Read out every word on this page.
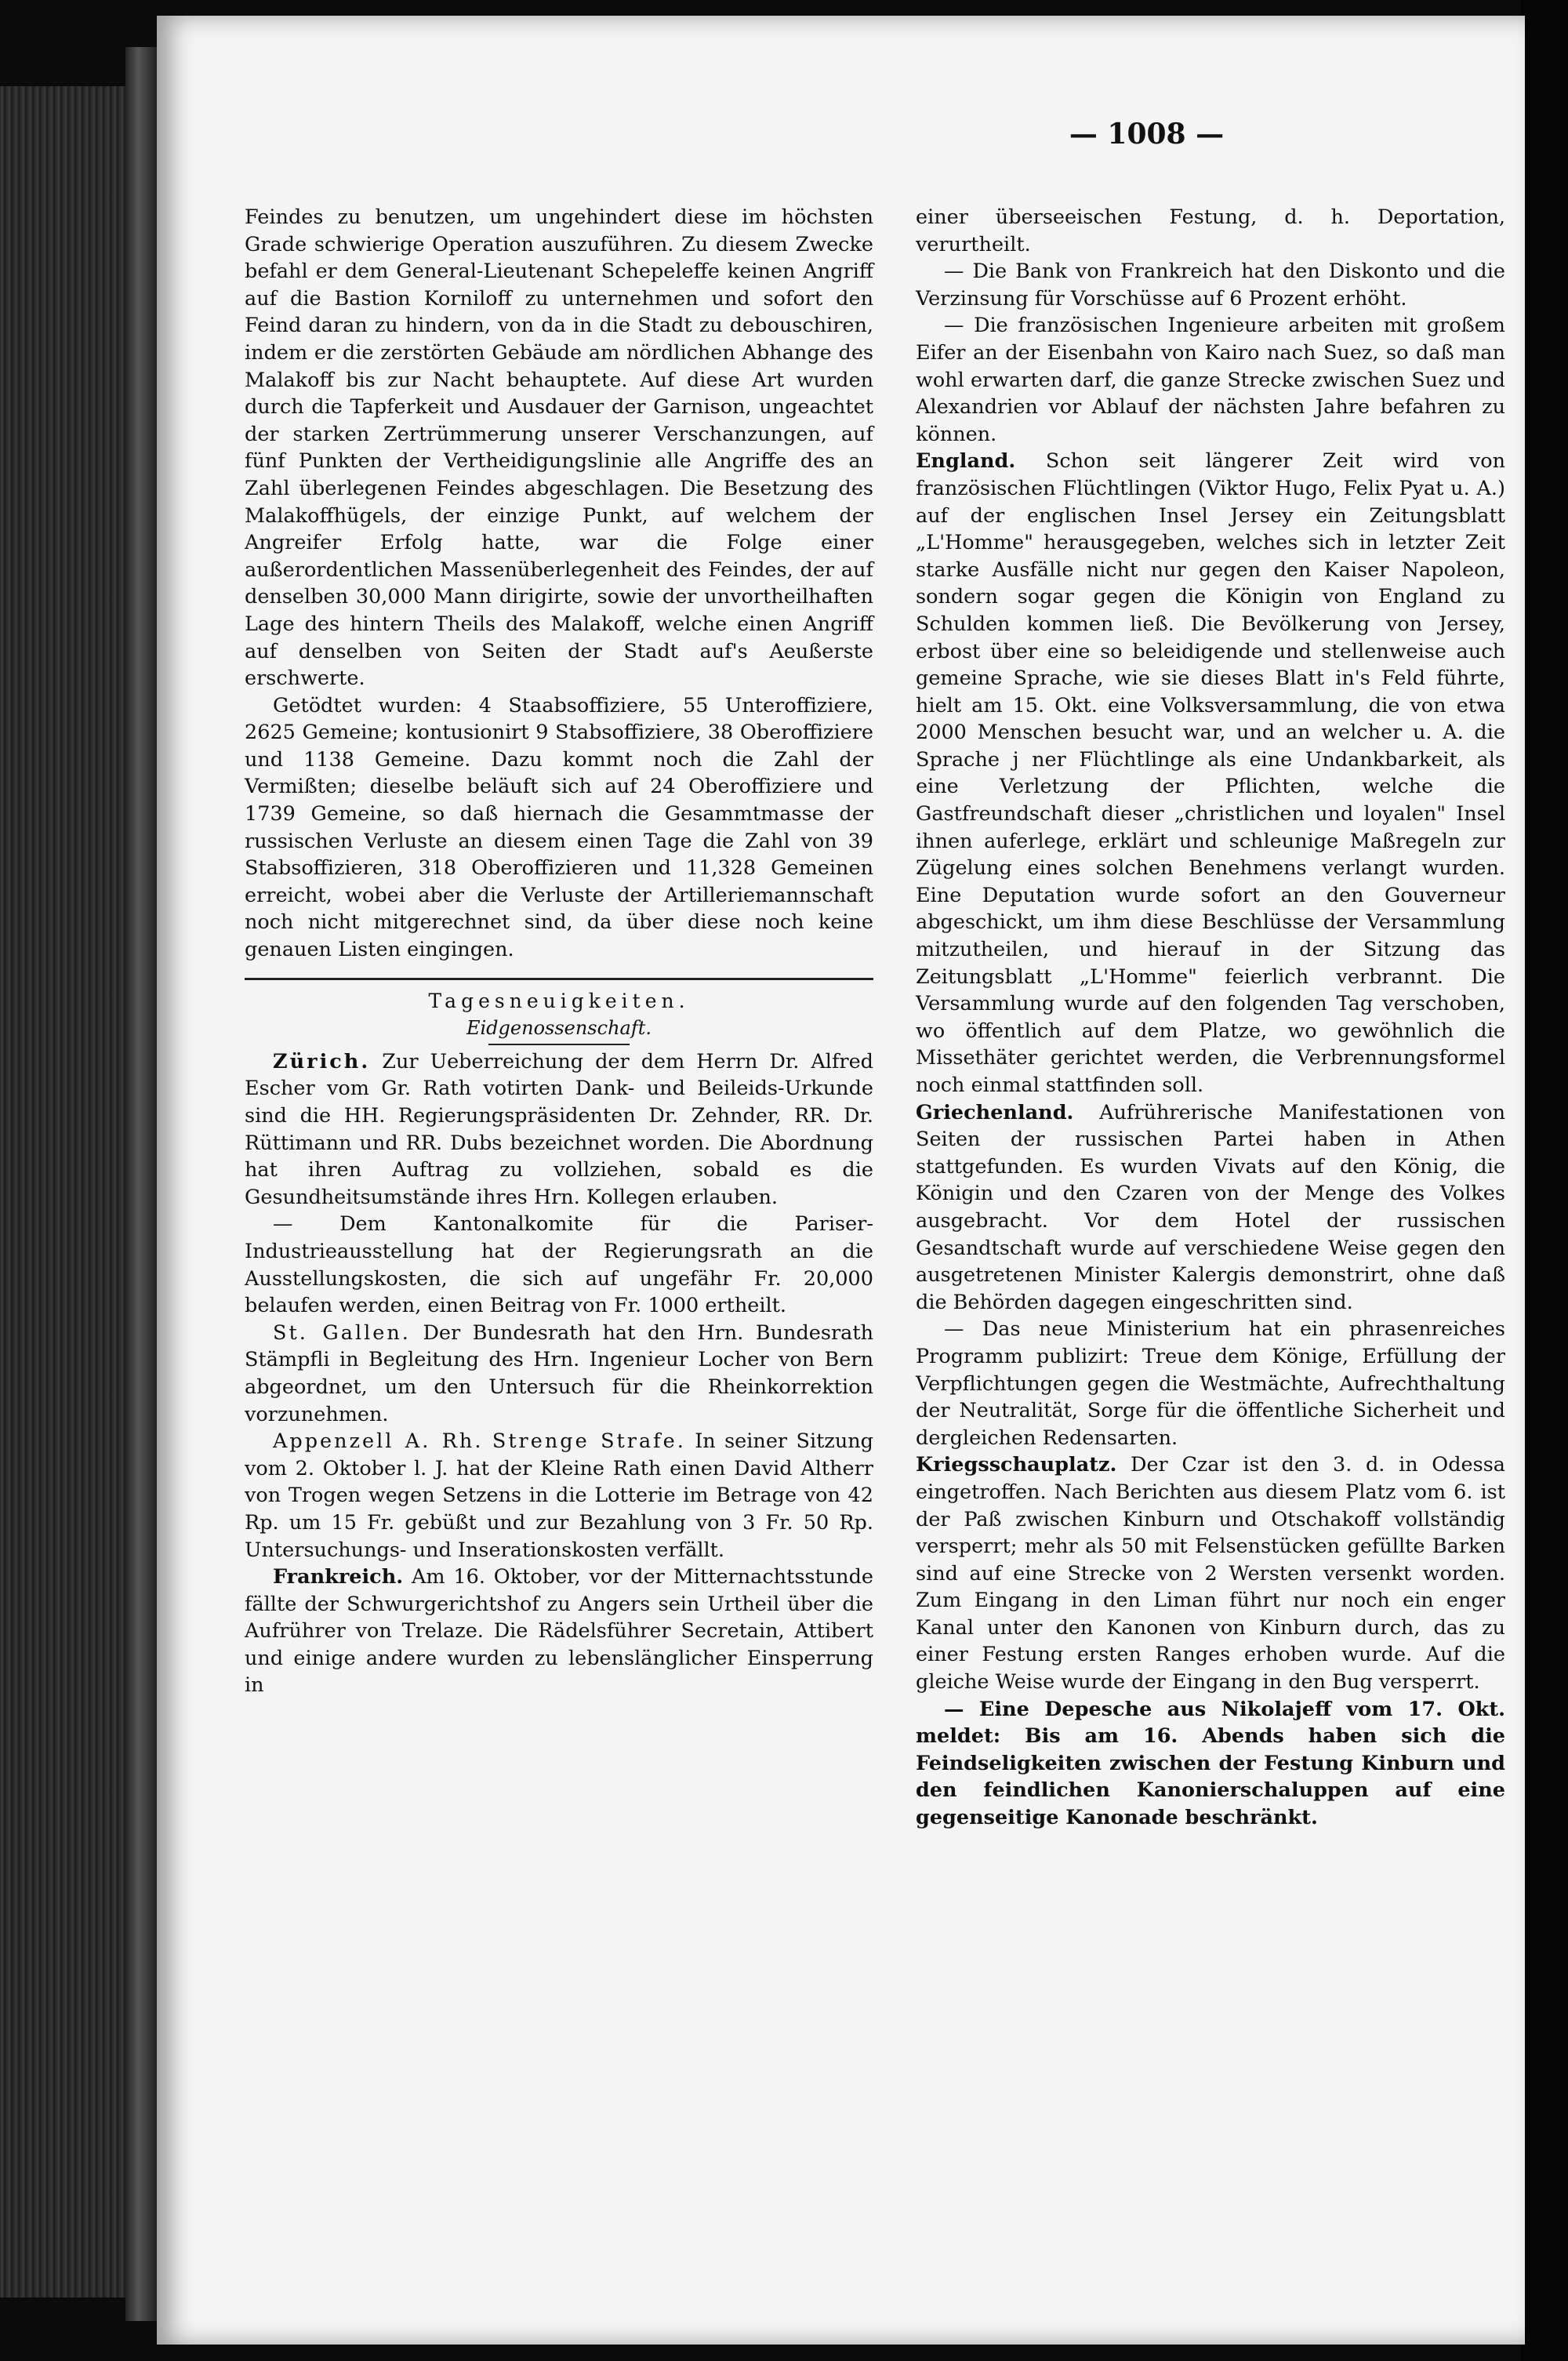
— 1008 —

Feindes zu benutzen, um ungehindert diese im höchsten Grade schwierige Operation auszuführen. Zu diesem Zwecke befahl er dem General-Lieutenant Schepeleffe keinen Angriff auf die Bastion Korniloff zu unternehmen und sofort den Feind daran zu hindern, von da in die Stadt zu debouschiren, indem er die zerstörten Gebäude am nördlichen Abhange des Malakoff bis zur Nacht behauptete. Auf diese Art wurden durch die Tapferkeit und Ausdauer der Garnison, ungeachtet der starken Zertrümmerung unserer Verschanzungen, auf fünf Punkten der Vertheidigungslinie alle Angriffe des an Zahl überlegenen Feindes abgeschlagen. Die Besetzung des Malakoffhügels, der einzige Punkt, auf welchem der Angreifer Erfolg hatte, war die Folge einer außerordentlichen Massenüberlegenheit des Feindes, der auf denselben 30,000 Mann dirigirte, sowie der unvortheilhaften Lage des hintern Theils des Malakoff, welche einen Angriff auf denselben von Seiten der Stadt auf's Aeußerste erschwerte.

Getödtet wurden: 4 Staabsoffiziere, 55 Unteroffiziere, 2625 Gemeine; kontusionirt 9 Stabsoffiziere, 38 Oberoffiziere und 1138 Gemeine. Dazu kommt noch die Zahl der Vermißten; dieselbe beläuft sich auf 24 Oberoffiziere und 1739 Gemeine, so daß hiernach die Gesammtmasse der russischen Verluste an diesem einen Tage die Zahl von 39 Stabsoffizieren, 318 Oberoffizieren und 11,328 Gemeinen erreicht, wobei aber die Verluste der Artilleriemannschaft noch nicht mitgerechnet sind, da über diese noch keine genauen Listen eingingen.

Tagesneuigkeiten.
Eidgenossenschaft.

Zürich. Zur Ueberreichung der dem Herrn Dr. Alfred Escher vom Gr. Rath votirten Dank- und Beileids-Urkunde sind die HH. Regierungspräsidenten Dr. Zehnder, RR. Dr. Rüttimann und RR. Dubs bezeichnet worden. Die Abordnung hat ihren Auftrag zu vollziehen, sobald es die Gesundheitsumstände ihres Hrn. Kollegen erlauben.

— Dem Kantonalkomite für die Pariser-Industrieausstellung hat der Regierungsrath an die Ausstellungskosten, die sich auf ungefähr Fr. 20,000 belaufen werden, einen Beitrag von Fr. 1000 ertheilt.

St. Gallen. Der Bundesrath hat den Hrn. Bundesrath Stämpfli in Begleitung des Hrn. Ingenieur Locher von Bern abgeordnet, um den Untersuch für die Rheinkorrektion vorzunehmen.

Appenzell A. Rh. Strenge Strafe. In seiner Sitzung vom 2. Oktober l. J. hat der Kleine Rath einen David Altherr von Trogen wegen Setzens in die Lotterie im Betrage von 42 Rp. um 15 Fr. gebüßt und zur Bezahlung von 3 Fr. 50 Rp. Untersuchungs- und Inserationskosten verfällt.

Frankreich. Am 16. Oktober, vor der Mitternachtsstunde fällte der Schwurgerichtshof zu Angers sein Urtheil über die Aufrührer von Trelaze. Die Rädelsführer Secretain, Attibert und einige andere wurden zu lebenslänglicher Einsperrung in

einer überseeischen Festung, d. h. Deportation, verurtheilt.

— Die Bank von Frankreich hat den Diskonto und die Verzinsung für Vorschüsse auf 6 Prozent erhöht.

— Die französischen Ingenieure arbeiten mit großem Eifer an der Eisenbahn von Kairo nach Suez, so daß man wohl erwarten darf, die ganze Strecke zwischen Suez und Alexandrien vor Ablauf der nächsten Jahre befahren zu können.

England. Schon seit längerer Zeit wird von französischen Flüchtlingen (Viktor Hugo, Felix Pyat u. A.) auf der englischen Insel Jersey ein Zeitungsblatt „L'Homme" herausgegeben, welches sich in letzter Zeit starke Ausfälle nicht nur gegen den Kaiser Napoleon, sondern sogar gegen die Königin von England zu Schulden kommen ließ. Die Bevölkerung von Jersey, erbost über eine so beleidigende und stellenweise auch gemeine Sprache, wie sie dieses Blatt in's Feld führte, hielt am 15. Okt. eine Volksversammlung, die von etwa 2000 Menschen besucht war, und an welcher u. A. die Sprache j ner Flüchtlinge als eine Undankbarkeit, als eine Verletzung der Pflichten, welche die Gastfreundschaft dieser „christlichen und loyalen" Insel ihnen auferlege, erklärt und schleunige Maßregeln zur Zügelung eines solchen Benehmens verlangt wurden. Eine Deputation wurde sofort an den Gouverneur abgeschickt, um ihm diese Beschlüsse der Versammlung mitzutheilen, und hierauf in der Sitzung das Zeitungsblatt „L'Homme" feierlich verbrannt. Die Versammlung wurde auf den folgenden Tag verschoben, wo öffentlich auf dem Platze, wo gewöhnlich die Missethäter gerichtet werden, die Verbrennungsformel noch einmal stattfinden soll.

Griechenland. Aufrührerische Manifestationen von Seiten der russischen Partei haben in Athen stattgefunden. Es wurden Vivats auf den König, die Königin und den Czaren von der Menge des Volkes ausgebracht. Vor dem Hotel der russischen Gesandtschaft wurde auf verschiedene Weise gegen den ausgetretenen Minister Kalergis demonstrirt, ohne daß die Behörden dagegen eingeschritten sind.

— Das neue Ministerium hat ein phrasenreiches Programm publizirt: Treue dem Könige, Erfüllung der Verpflichtungen gegen die Westmächte, Aufrechthaltung der Neutralität, Sorge für die öffentliche Sicherheit und dergleichen Redensarten.

Kriegsschauplatz. Der Czar ist den 3. d. in Odessa eingetroffen. Nach Berichten aus diesem Platz vom 6. ist der Paß zwischen Kinburn und Otschakoff vollständig versperrt; mehr als 50 mit Felsenstücken gefüllte Barken sind auf eine Strecke von 2 Wersten versenkt worden. Zum Eingang in den Liman führt nur noch ein enger Kanal unter den Kanonen von Kinburn durch, das zu einer Festung ersten Ranges erhoben wurde. Auf die gleiche Weise wurde der Eingang in den Bug versperrt.

— Eine Depesche aus Nikolajeff vom 17. Okt. meldet: Bis am 16. Abends haben sich die Feindseligkeiten zwischen der Festung Kinburn und den feindlichen Kanonierschaluppen auf eine gegenseitige Kanonade beschränkt.
